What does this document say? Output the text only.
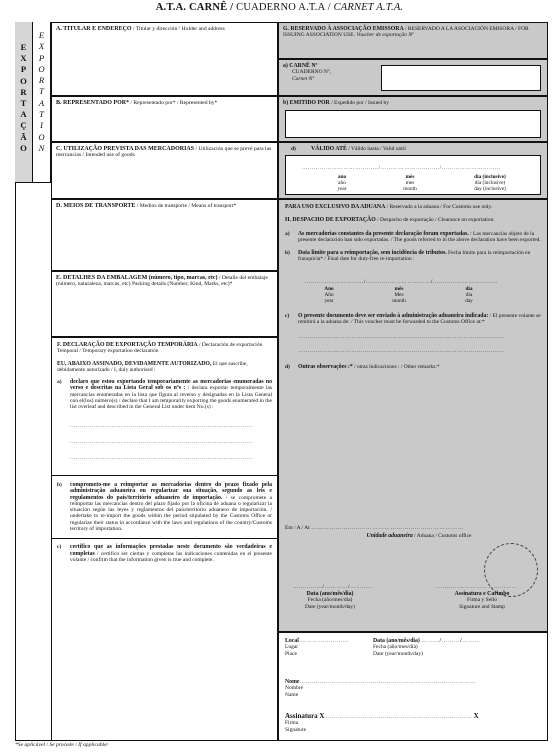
A.T.A. CARNÊ / CUADERNO A.T.A / CARNET A.T.A.
E
X
P
O
R
T
A
Ç
Ã
O
E
X
P
O
R
T
A
T
I
O
N
A. TITULAR E ENDEREÇO / Titular y dirección / Holder and address
B. REPRESENTADO POR* / Representado por* / Represented by*
C. UTILIZAÇÃO PREVISTA DAS MERCADORIAS / Utilización que se prevé para las mercancías / Intended use of goods
D. MEIOS DE TRANSPORTE / Medios de transporte / Means of transport*
E. DETALHES DA EMBALAGEM (número, tipo, marcas, etc) / Detalle del embalaje (número, naturaleza, marcas, etc) Packing details (Number, Kind, Marks, etc)*
F. DECLARAÇÃO DE EXPORTAÇÃO TEMPORÁRIA / Declaración de exportación Temporal / Temporary exportation declaration
EU, ABAIXO ASSINADO, DEVIDAMENTE AUTORIZADO, El que suscribe, debidamente autorizado / I, duly authorised :
a)	declaro que estou exportando temporariamente as mercadorias enumeradas no verso e descritas na Lista Geral sob os nºs : / declara exportar temporalmente las mercancías enumeradas en la lista que figura al reverso y designadas en la Lista General con el(los) número(s) / declare that I am temporarily exporting the goods enumerated in the list overleaf and described in the General List under item No.(s) :
…………………………………………………………………………………
…………………………………………………………………………………
…………………………………………………………………………………
b)	comprometo-me a reimportar as mercadorias dentro do prazo fixado pela administração aduaneira ou regularizar sua situação, segundo as leis e regulamentos do país/território aduaneiro de importação. / se compromete a reimportar las mercancías dentro del plazo fijado por la oficina de aduana o regularizar la situación según las leyes y reglamentos del país/territorio aduanero de importación. / undertake to re-import the goods within the period stipulated by the Customs Office or regularize their status in accordance with the laws and regulations of the country/Customs territory of importation.
c)	certifico que as informações prestadas neste documento são verdadeiras e completas / certifico ser ciertas y completas las indicaciones contenidas en el presente volante / confirm that the information given is true and complete.
G. RESERVADO À ASSOCIAÇÃO EMISSORA / RESERVADO A LA ASOCIACIÓN EMISORA / FOR ISSUING ASSOCIATION USE. Voucher de exportação Nº
a) CARNÊ Nº
CUADERNO Nº,
Carnet Nº
b) EMITIDO POR / Expedido por / Issued by
d)	VÁLIDO ATÉ / Válido hasta / Valid until
…………………………………/…………………………/…………………………
ano
año
year
mês
mes
month
dia (inclusive)
día (inclusive)
day (inclusive)
PARA USO EXCLUSIVO DA ADUANA / Reservado a la aduana / For Customs use only.
H. DESPACHO DE EXPORTAÇÃO / Despacho de exportação / Clearance on exportation.
a)	As mercadorias constantes da presente declaração foram exportadas. / Las mercancías objeto de la presente declaración han sido exportadas. / The goods referred to in the above declaration have been exported.
b)	Data limite para a reimportação, sem incidência de tributos. Fecha límite para la reimportación en franquicia* / Final date for duty-free re-importation :
…………………………/……………………………/……………………………
Ano
Año
year
mês
Mes
month
dia
día
day
c)	O presente documento deve ser enviado à administração aduaneira indicada: / El presente volante se remitirá a la aduana de: / This voucher must be forwarded to the Customs Office at:*
……………………………………………………………………………………………
……………………………………………………………………………………………
d)	Outras observações :* / otras indicaciones : / Other remarks:*
Em / A / At …………………………………………………………………
Unidade aduaneira / Aduana / Customs office
……………/…………/…………
Data (ano/mês/dia)
Fecha (año/mes/día)
Date (year/month/day)
……………………………………
Assinatura e Carimbo
Firma y Sello
Signature and Stamp
Local ……………………
Lugar
Place
Data (ano/mês/dia) ………/………/………
Fecha (año/mes/día)
Date (year/month/day)
Nome……………………………………………………………………………
Nombre
Name
Assinatura X ……………………………………………………………… X
Firma
Signature
*Se aplicável / Se procede / If applicable/
